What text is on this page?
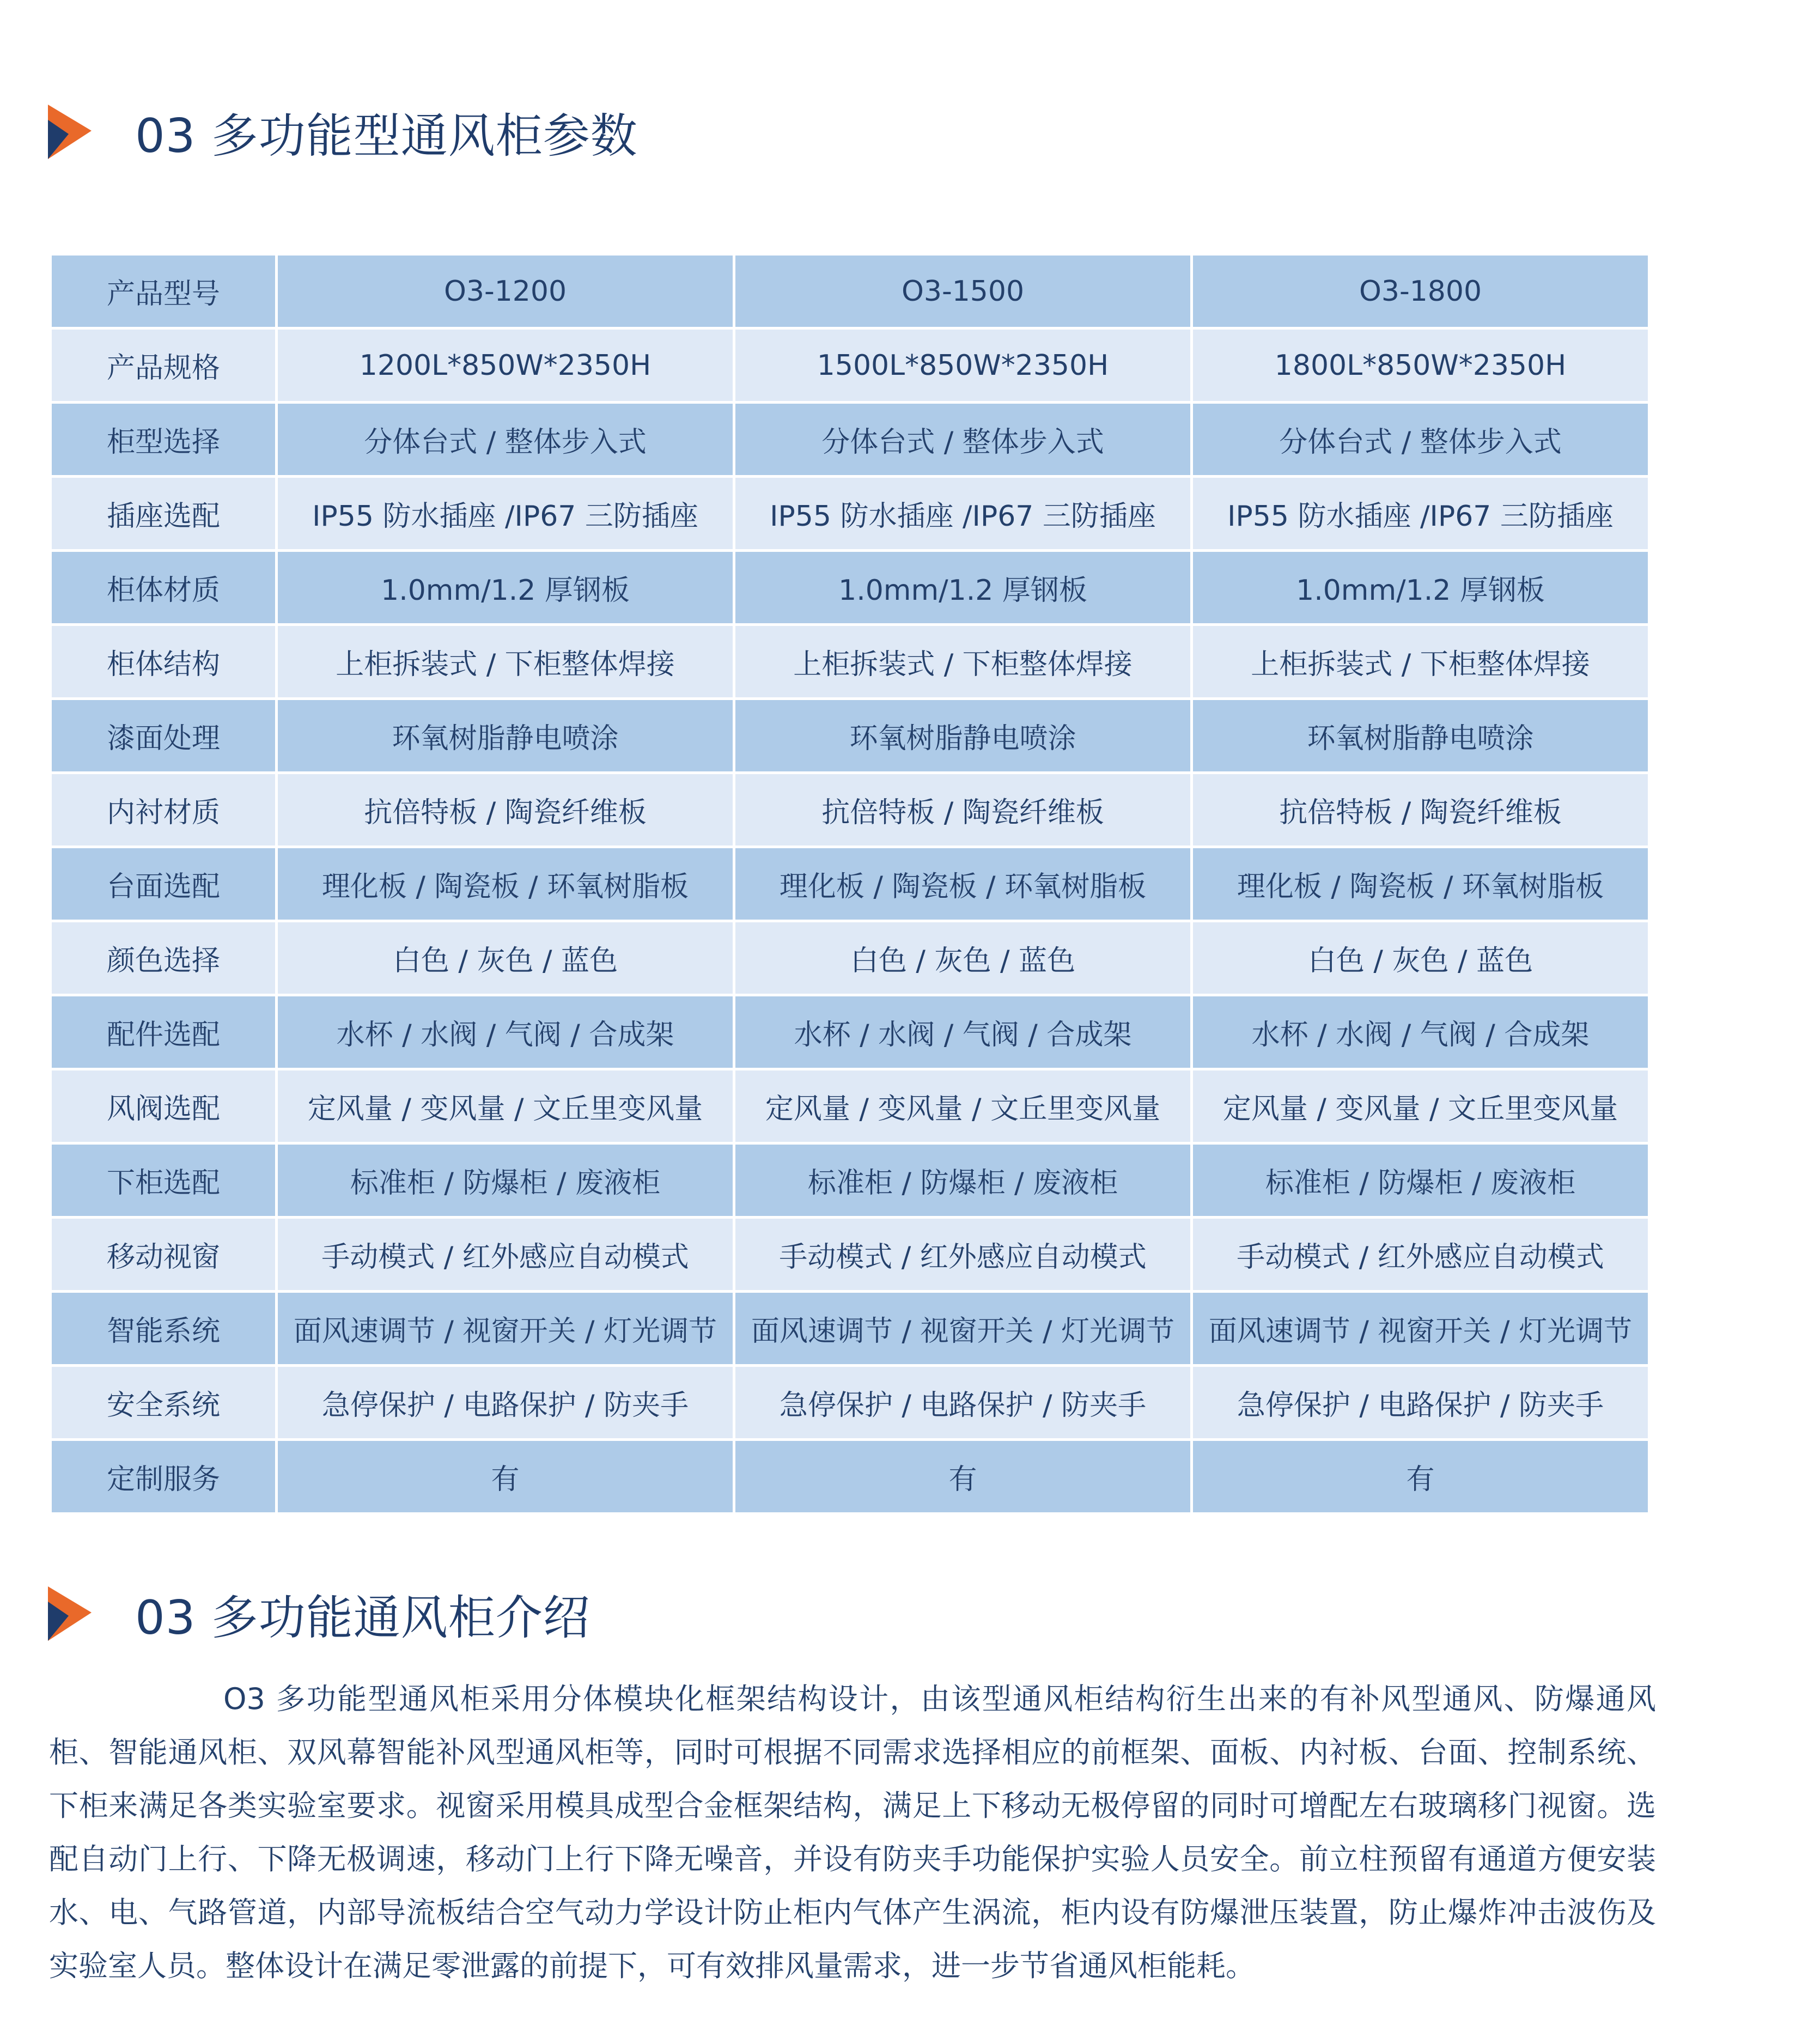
03 多功能型通风柜参数
产品型号	O3-1200	O3-1500	O3-1800
产品规格	1200L*850W*2350H	1500L*850W*2350H	1800L*850W*2350H
柜型选择	分体台式 / 整体步入式	分体台式 / 整体步入式	分体台式 / 整体步入式
插座选配	IP55 防水插座 /IP67 三防插座	IP55 防水插座 /IP67 三防插座	IP55 防水插座 /IP67 三防插座
柜体材质	1.0mm/1.2 厚钢板	1.0mm/1.2 厚钢板	1.0mm/1.2 厚钢板
柜体结构	上柜拆装式 / 下柜整体焊接	上柜拆装式 / 下柜整体焊接	上柜拆装式 / 下柜整体焊接
漆面处理	环氧树脂静电喷涂	环氧树脂静电喷涂	环氧树脂静电喷涂
内衬材质	抗倍特板 / 陶瓷纤维板	抗倍特板 / 陶瓷纤维板	抗倍特板 / 陶瓷纤维板
台面选配	理化板 / 陶瓷板 / 环氧树脂板	理化板 / 陶瓷板 / 环氧树脂板	理化板 / 陶瓷板 / 环氧树脂板
颜色选择	白色 / 灰色 / 蓝色	白色 / 灰色 / 蓝色	白色 / 灰色 / 蓝色
配件选配	水杯 / 水阀 / 气阀 / 合成架	水杯 / 水阀 / 气阀 / 合成架	水杯 / 水阀 / 气阀 / 合成架
风阀选配	定风量 / 变风量 / 文丘里变风量	定风量 / 变风量 / 文丘里变风量	定风量 / 变风量 / 文丘里变风量
下柜选配	标准柜 / 防爆柜 / 废液柜	标准柜 / 防爆柜 / 废液柜	标准柜 / 防爆柜 / 废液柜
移动视窗	手动模式 / 红外感应自动模式	手动模式 / 红外感应自动模式	手动模式 / 红外感应自动模式
智能系统	面风速调节 / 视窗开关 / 灯光调节	面风速调节 / 视窗开关 / 灯光调节	面风速调节 / 视窗开关 / 灯光调节
安全系统	急停保护 / 电路保护 / 防夹手	急停保护 / 电路保护 / 防夹手	急停保护 / 电路保护 / 防夹手
定制服务	有	有	有
03 多功能通风柜介绍
O3 多功能型通风柜采用分体模块化框架结构设计，由该型通风柜结构衍生出来的有补风型通风、防爆通风柜、智能通风柜、双风幕智能补风型通风柜等，同时可根据不同需求选择相应的前框架、面板、内衬板、台面、控制系统、下柜来满足各类实验室要求。视窗采用模具成型合金框架结构，满足上下移动无极停留的同时可增配左右玻璃移门视窗。选配自动门上行、下降无极调速，移动门上行下降无噪音，并设有防夹手功能保护实验人员安全。前立柱预留有通道方便安装水、电、气路管道，内部导流板结合空气动力学设计防止柜内气体产生涡流，柜内设有防爆泄压装置，防止爆炸冲击波伤及实验室人员。整体设计在满足零泄露的前提下，可有效排风量需求，进一步节省通风柜能耗。
